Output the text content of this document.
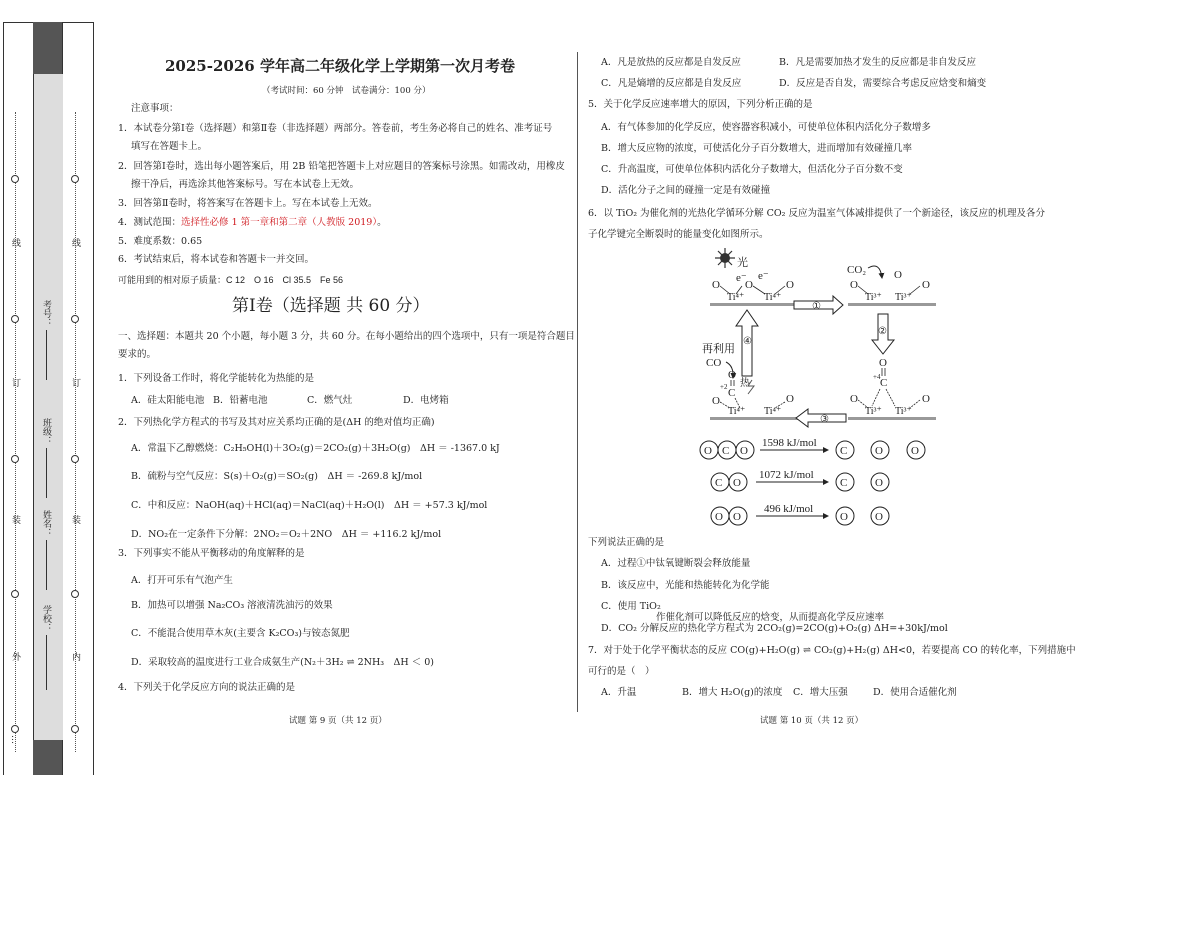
线
订
装
外
…
线
订
装
内
考号：
班级：
姓名：
学校：
2025-2026 学年高二年级化学上学期第一次月考卷
（考试时间：60 分钟　试卷满分：100 分）
注意事项：
1．本试卷分第Ⅰ卷（选择题）和第Ⅱ卷（非选择题）两部分。答卷前，考生务必将自己的姓名、准考证号
填写在答题卡上。
2．回答第Ⅰ卷时，选出每小题答案后，用 2B 铅笔把答题卡上对应题目的答案标号涂黑。如需改动，用橡皮
擦干净后，再选涂其他答案标号。写在本试卷上无效。
3．回答第Ⅱ卷时，将答案写在答题卡上。写在本试卷上无效。
4．测试范围：选择性必修 1 第一章和第二章（人教版 2019）。
5．难度系数：0.65
6．考试结束后，将本试卷和答题卡一并交回。
可能用到的相对原子质量：C 12　O 16　Cl 35.5　Fe 56
第Ⅰ卷（选择题 共 60 分）
一、选择题：本题共 20 个小题，每小题 3 分，共 60 分。在每小题给出的四个选项中，只有一项是符合题目
要求的。
1．下列设备工作时，将化学能转化为热能的是
A．硅太阳能电池 B．铅蓄电池	C．燃气灶	D．电烤箱
2．下列热化学方程式的书写及其对应关系均正确的是(ΔH 的绝对值均正确)
A．常温下乙醇燃烧：C₂H₅OH(l)＋3O₂(g)＝2CO₂(g)＋3H₂O(g)　ΔH ＝ -1367.0 kJ
B．硫粉与空气反应：S(s)＋O₂(g)＝SO₂(g)　ΔH ＝ -269.8 kJ/mol
C．中和反应：NaOH(aq)＋HCl(aq)＝NaCl(aq)＋H₂O(l)　ΔH ＝ +57.3 kJ/mol
D．NO₂在一定条件下分解：2NO₂＝O₂＋2NO　ΔH ＝ +116.2 kJ/mol
3．下列事实不能从平衡移动的角度解释的是
A．打开可乐有气泡产生
B．加热可以增强 Na₂CO₃ 溶液清洗油污的效果
C．不能混合使用草木灰(主要含 K₂CO₃)与铵态氮肥
D．采取较高的温度进行工业合成氨生产(N₂＋3H₂ ⇌ 2NH₃　ΔH ＜ 0)
4．下列关于化学反应方向的说法正确的是
试题 第 9 页（共 12 页）
A．凡是放热的反应都是自发反应	B．凡是需要加热才发生的反应都是非自发反应
C．凡是熵增的反应都是自发反应	D．反应是否自发，需要综合考虑反应焓变和熵变
5．关于化学反应速率增大的原因，下列分析正确的是
A．有气体参加的化学反应，使容器容积减小，可使单位体积内活化分子数增多
B．增大反应物的浓度，可使活化分子百分数增大，进而增加有效碰撞几率
C．升高温度，可使单位体积内活化分子数增大，但活化分子百分数不变
D．活化分子之间的碰撞一定是有效碰撞
6．以 TiO₂ 为催化剂的光热化学循环分解 CO₂ 反应为温室气体减排提供了一个新途径，该反应的机理及各分
子化学键完全断裂时的能量变化如图所示。
光
e⁻ e⁻
O O	O
Ti⁴⁺ Ti⁴⁺
①
CO₂	O
O	O
Ti³⁺ Ti³⁺
②
④
再利用
CO
O
+2 C
热
O	O
Ti⁴⁺ Ti⁴⁺
③
O
+4 C
O	O
Ti³⁺ Ti³⁺
O C O
1598 kJ/mol
C	O	O
C O
1072 kJ/mol
C	O
O O
496 kJ/mol
O O
下列说法正确的是
A．过程①中钛氧键断裂会释放能量
B．该反应中，光能和热能转化为化学能
C．使用 TiO₂
作催化剂可以降低反应的焓变，从而提高化学反应速率
D．CO₂ 分解反应的热化学方程式为 2CO₂(g)=2CO(g)+O₂(g) ΔH=+30kJ/mol
7．对于处于化学平衡状态的反应 CO(g)+H₂O(g) ⇌ CO₂(g)+H₂(g) ΔH<0，若要提高 CO 的转化率，下列措施中
可行的是（　）
A．升温	B．增大 H₂O(g)的浓度 C．增大压强	D．使用合适催化剂
试题 第 10 页（共 12 页）
